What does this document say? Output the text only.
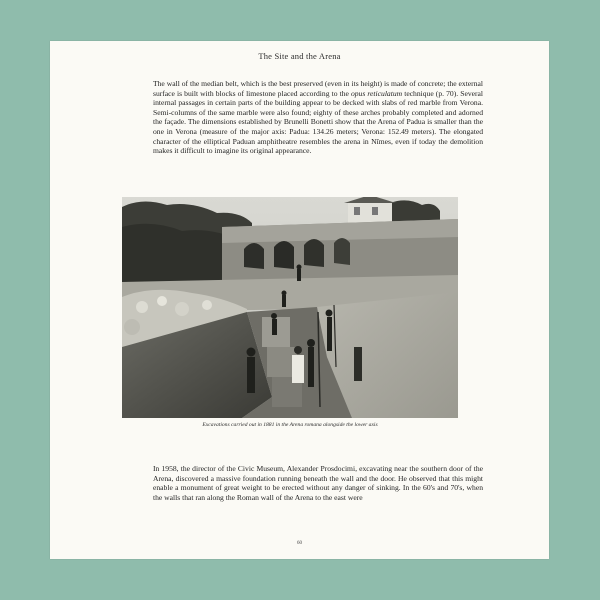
The Site and the Arena

The wall of the median belt, which is the best preserved (even in its height) is made of concrete; the external surface is built with blocks of limestone placed according to the opus reticulatum technique (p. 70). Several internal passages in certain parts of the building appear to be decked with slabs of red marble from Verona. Semi-columns of the same marble were also found; eighty of these arches probably completed and adorned the façade. The dimensions established by Brunelli Bonetti show that the Arena of Padua is smaller than the one in Verona (measure of the major axis: Padua: 134.26 meters; Verona: 152.49 meters). The elongated character of the elliptical Paduan amphitheatre resembles the arena in Nîmes, even if today the demolition makes it difficult to imagine its original appearance.

Excavations carried out in 1881 in the Arena romana alongside the lower axis

In 1958, the director of the Civic Museum, Alexander Prosdocimi, excavating near the southern door of the Arena, discovered a massive foundation running beneath the wall and the door. He observed that this might enable a monument of great weight to be erected without any danger of sinking. In the 60's and 70's, when the walls that ran along the Roman wall of the Arena to the east were

60
